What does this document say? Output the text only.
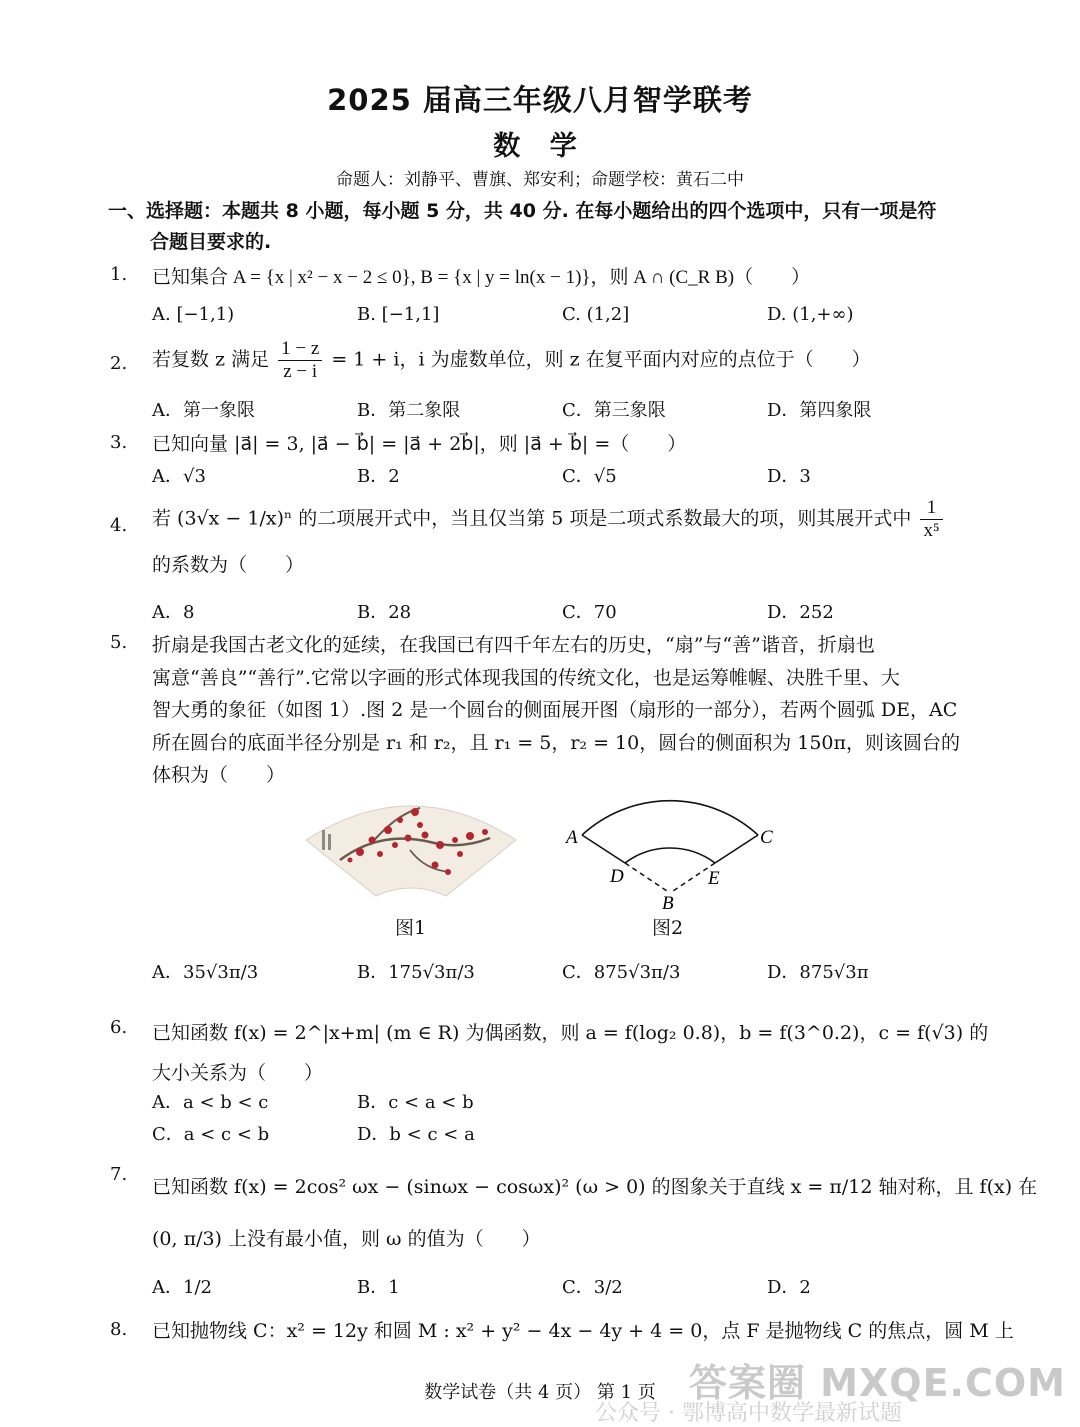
2025 届高三年级八月智学联考
数 学
命题人：刘静平、曹旗、郑安利；命题学校：黄石二中
一、选择题：本题共 8 小题，每小题 5 分，共 40 分. 在每小题给出的四个选项中，只有一项是符
合题目要求的.
1. 已知集合 A = {x | x² − x − 2 ≤ 0}, B = {x | y = ln(x − 1)}，则 A ∩ (C_R B)（　　）
A. [−1,1)	B. [−1,1]	C. (1,2]	D. (1,+∞)
2. 若复数 z 满足 $\frac{1 - z}{z - i} = 1 + i$，i 为虚数单位，则 z 在复平面内对应的点位于（　　）
A．第一象限	B．第二象限	C．第三象限	D．第四象限
3. 已知向量 |a⃗| = 3, |a⃗ − b⃗| = |a⃗ + 2b⃗|，则 |a⃗ + b⃗| =（　　）
A．√3	B．2	C．√5	D．3
4. 若 (3√x − 1/x)ⁿ 的二项展开式中，当且仅当第 5 项是二项式系数最大的项，则其展开式中 $\frac{1}{\text{x⁵}}$
的系数为（　　）
A．8	B．28	C．70	D．252
5. 折扇是我国古老文化的延续，在我国已有四千年左右的历史，“扇”与“善”谐音，折扇也
寓意“善良”“善行”.它常以字画的形式体现我国的传统文化，也是运筹帷幄、决胜千里、大
智大勇的象征（如图 1）.图 2 是一个圆台的侧面展开图（扇形的一部分），若两个圆弧 DE，AC
所在圆台的底面半径分别是 r₁ 和 r₂，且 r₁ = 5，r₂ = 10，圆台的侧面积为 150π，则该圆台的
体积为（　　）
图1
A	C
D	E
B
图2
A．35√3π/3	B．175√3π/3	C．875√3π/3	D．875√3π
6. 已知函数 f(x) = 2^|x+m| (m ∈ R) 为偶函数，则 a = f(log₂ 0.8)，b = f(3^0.2)，c = f(√3) 的
大小关系为（　　）
A．a < b < c	B．c < a < b
C．a < c < b	D．b < c < a
7.
已知函数 f(x) = 2cos² ωx − (sinωx − cosωx)² (ω > 0) 的图象关于直线 x = π/12 轴对称，且 f(x) 在
(0, π/3) 上没有最小值，则 ω 的值为（　　）
A．1/2	B．1	C．3/2	D．2
8. 已知抛物线 C：x² = 12y 和圆 M : x² + y² − 4x − 4y + 4 = 0，点 F 是抛物线 C 的焦点，圆 M 上
数学试卷（共 4 页） 第 1 页 答案圈 MXQE.COM
公众号 · 鄂博高中数学最新试题
